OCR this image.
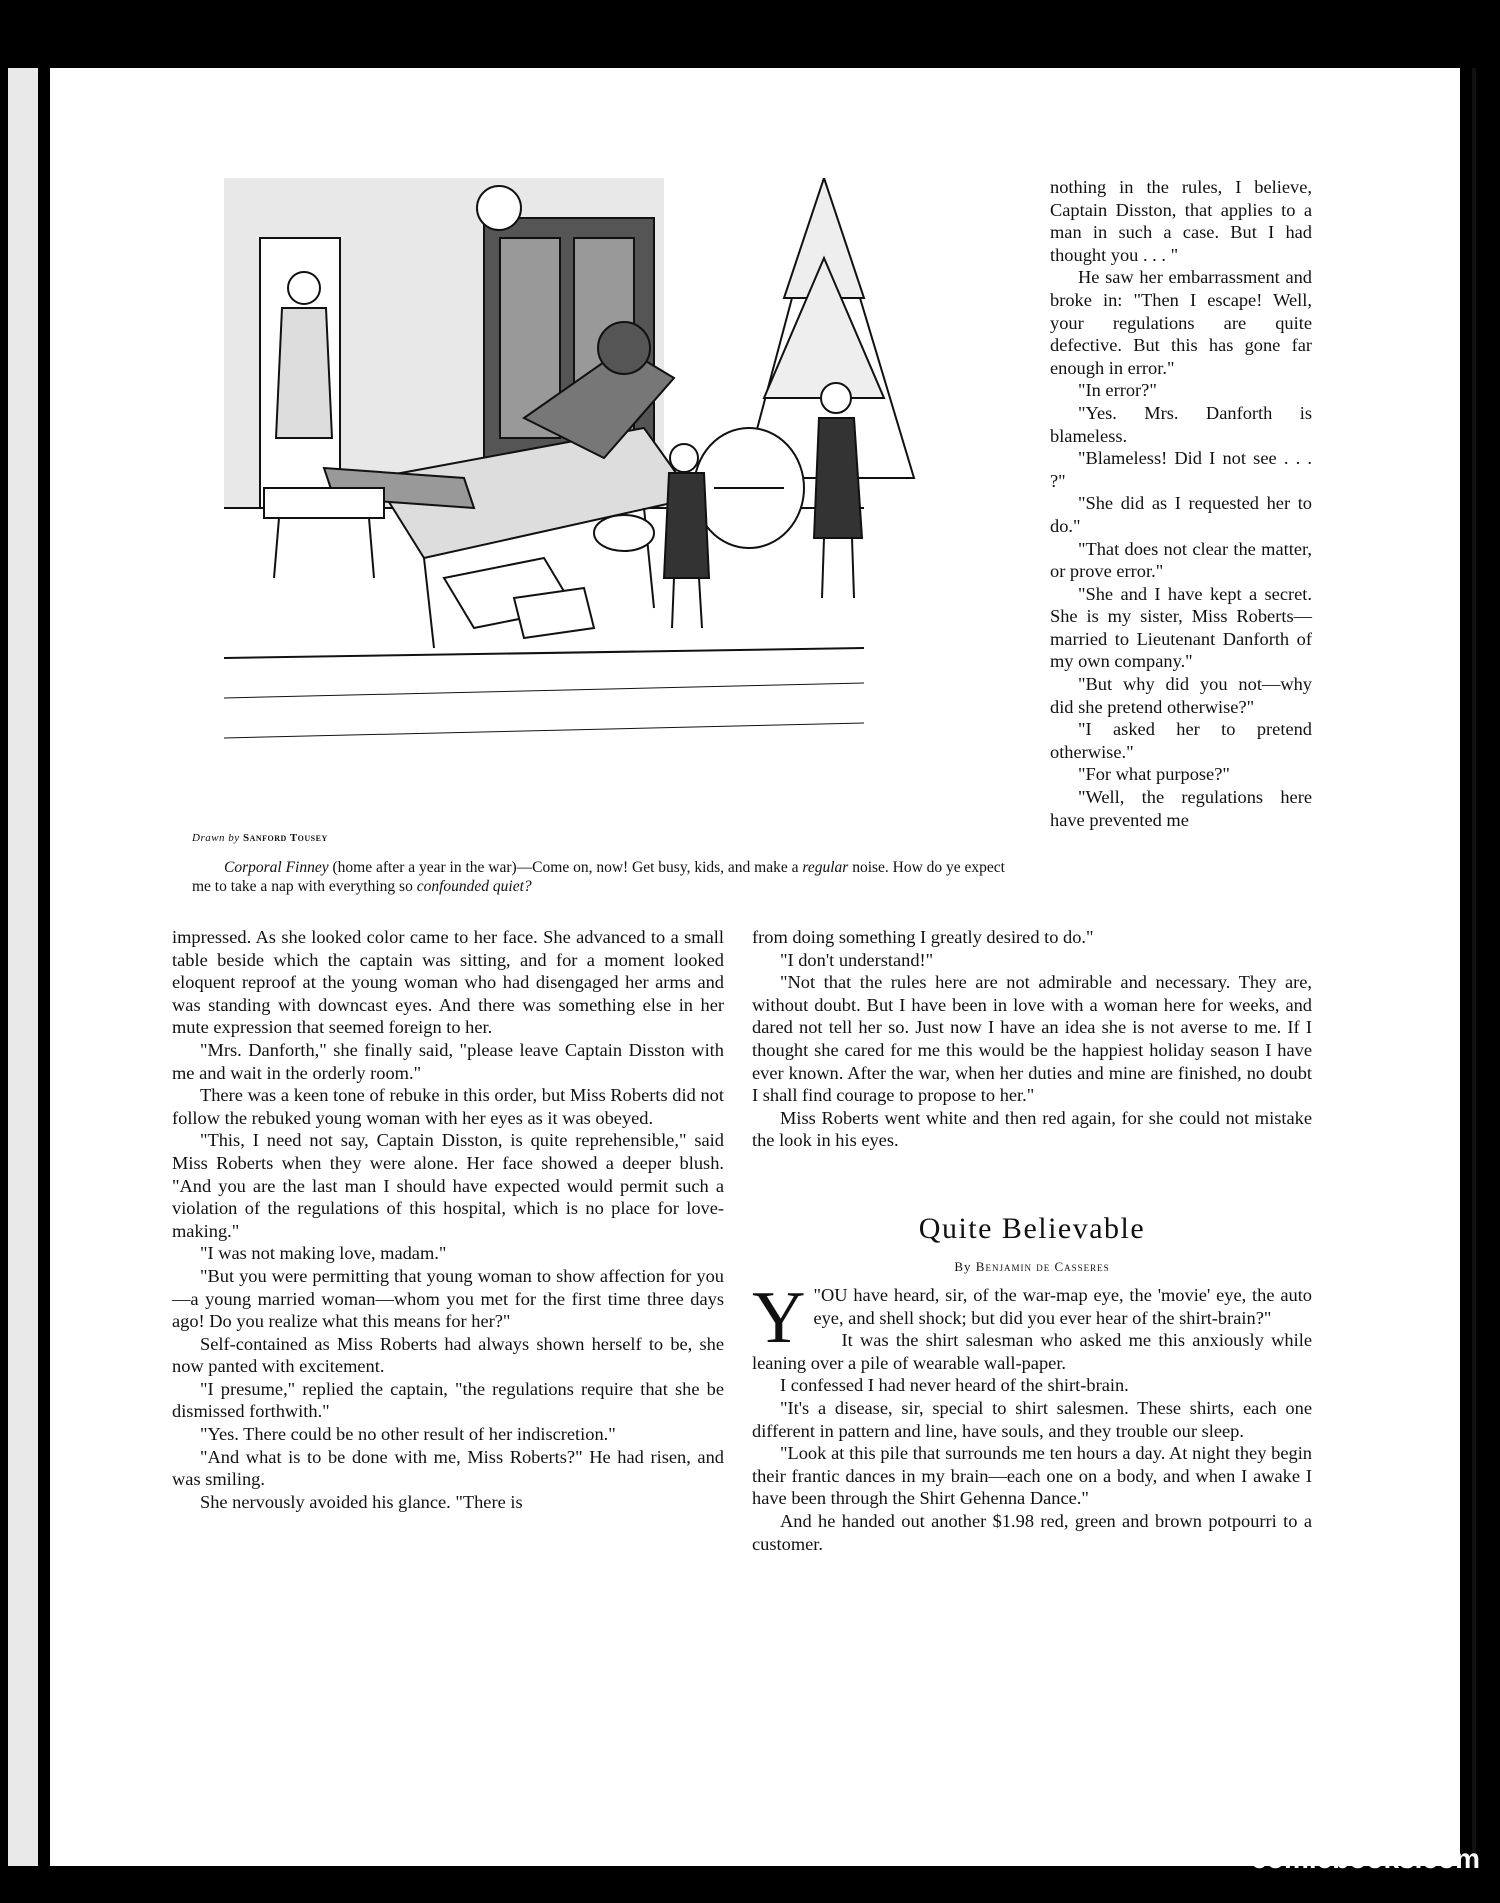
Drawn by Sanford Tousey
Corporal Finney (home after a year in the war)—Come on, now! Get busy, kids, and make a regular noise. How do ye expect me to take a nap with everything so confounded quiet?

nothing in the rules, I believe, Captain Disston, that applies to a man in such a case. But I had thought you . . . "

He saw her embarrassment and broke in: "Then I escape! Well, your regulations are quite defective. But this has gone far enough in error."

"In error?"

"Yes. Mrs. Danforth is blameless.

"Blameless! Did I not see . . . ?"

"She did as I requested her to do."

"That does not clear the matter, or prove error."

"She and I have kept a secret. She is my sister, Miss Roberts—married to Lieutenant Danforth of my own company."

"But why did you not—why did she pretend otherwise?"

"I asked her to pretend otherwise."

"For what purpose?"

"Well, the regulations here have prevented me

impressed. As she looked color came to her face. She advanced to a small table beside which the captain was sitting, and for a moment looked eloquent reproof at the young woman who had disengaged her arms and was standing with downcast eyes. And there was something else in her mute expression that seemed foreign to her.

"Mrs. Danforth," she finally said, "please leave Captain Disston with me and wait in the orderly room."

There was a keen tone of rebuke in this order, but Miss Roberts did not follow the rebuked young woman with her eyes as it was obeyed.

"This, I need not say, Captain Disston, is quite reprehensible," said Miss Roberts when they were alone. Her face showed a deeper blush. "And you are the last man I should have expected would permit such a violation of the regulations of this hospital, which is no place for love-making."

"I was not making love, madam."

"But you were permitting that young woman to show affection for you—a young married woman—whom you met for the first time three days ago! Do you realize what this means for her?"

Self-contained as Miss Roberts had always shown herself to be, she now panted with excitement.

"I presume," replied the captain, "the regulations require that she be dismissed forthwith."

"Yes. There could be no other result of her indiscretion."

"And what is to be done with me, Miss Roberts?" He had risen, and was smiling.

She nervously avoided his glance. "There is

from doing something I greatly desired to do."

"I don't understand!"

"Not that the rules here are not admirable and necessary. They are, without doubt. But I have been in love with a woman here for weeks, and dared not tell her so. Just now I have an idea she is not averse to me. If I thought she cared for me this would be the happiest holiday season I have ever known. After the war, when her duties and mine are finished, no doubt I shall find courage to propose to her."

Miss Roberts went white and then red again, for she could not mistake the look in his eyes.

Quite Believable
By Benjamin de Casseres

"
Y OU have heard, sir, of the war-map eye, the 'movie' eye, the auto eye, and shell shock; but did you ever hear of the shirt-brain?"

It was the shirt salesman who asked me this anxiously while leaning over a pile of wearable wall-paper.

I confessed I had never heard of the shirt-brain.

"It's a disease, sir, special to shirt salesmen. These shirts, each one different in pattern and line, have souls, and they trouble our sleep.

"Look at this pile that surrounds me ten hours a day. At night they begin their frantic dances in my brain—each one on a body, and when I awake I have been through the Shirt Gehenna Dance."

And he handed out another $1.98 red, green and brown potpourri to a customer.

comicbooks.com
